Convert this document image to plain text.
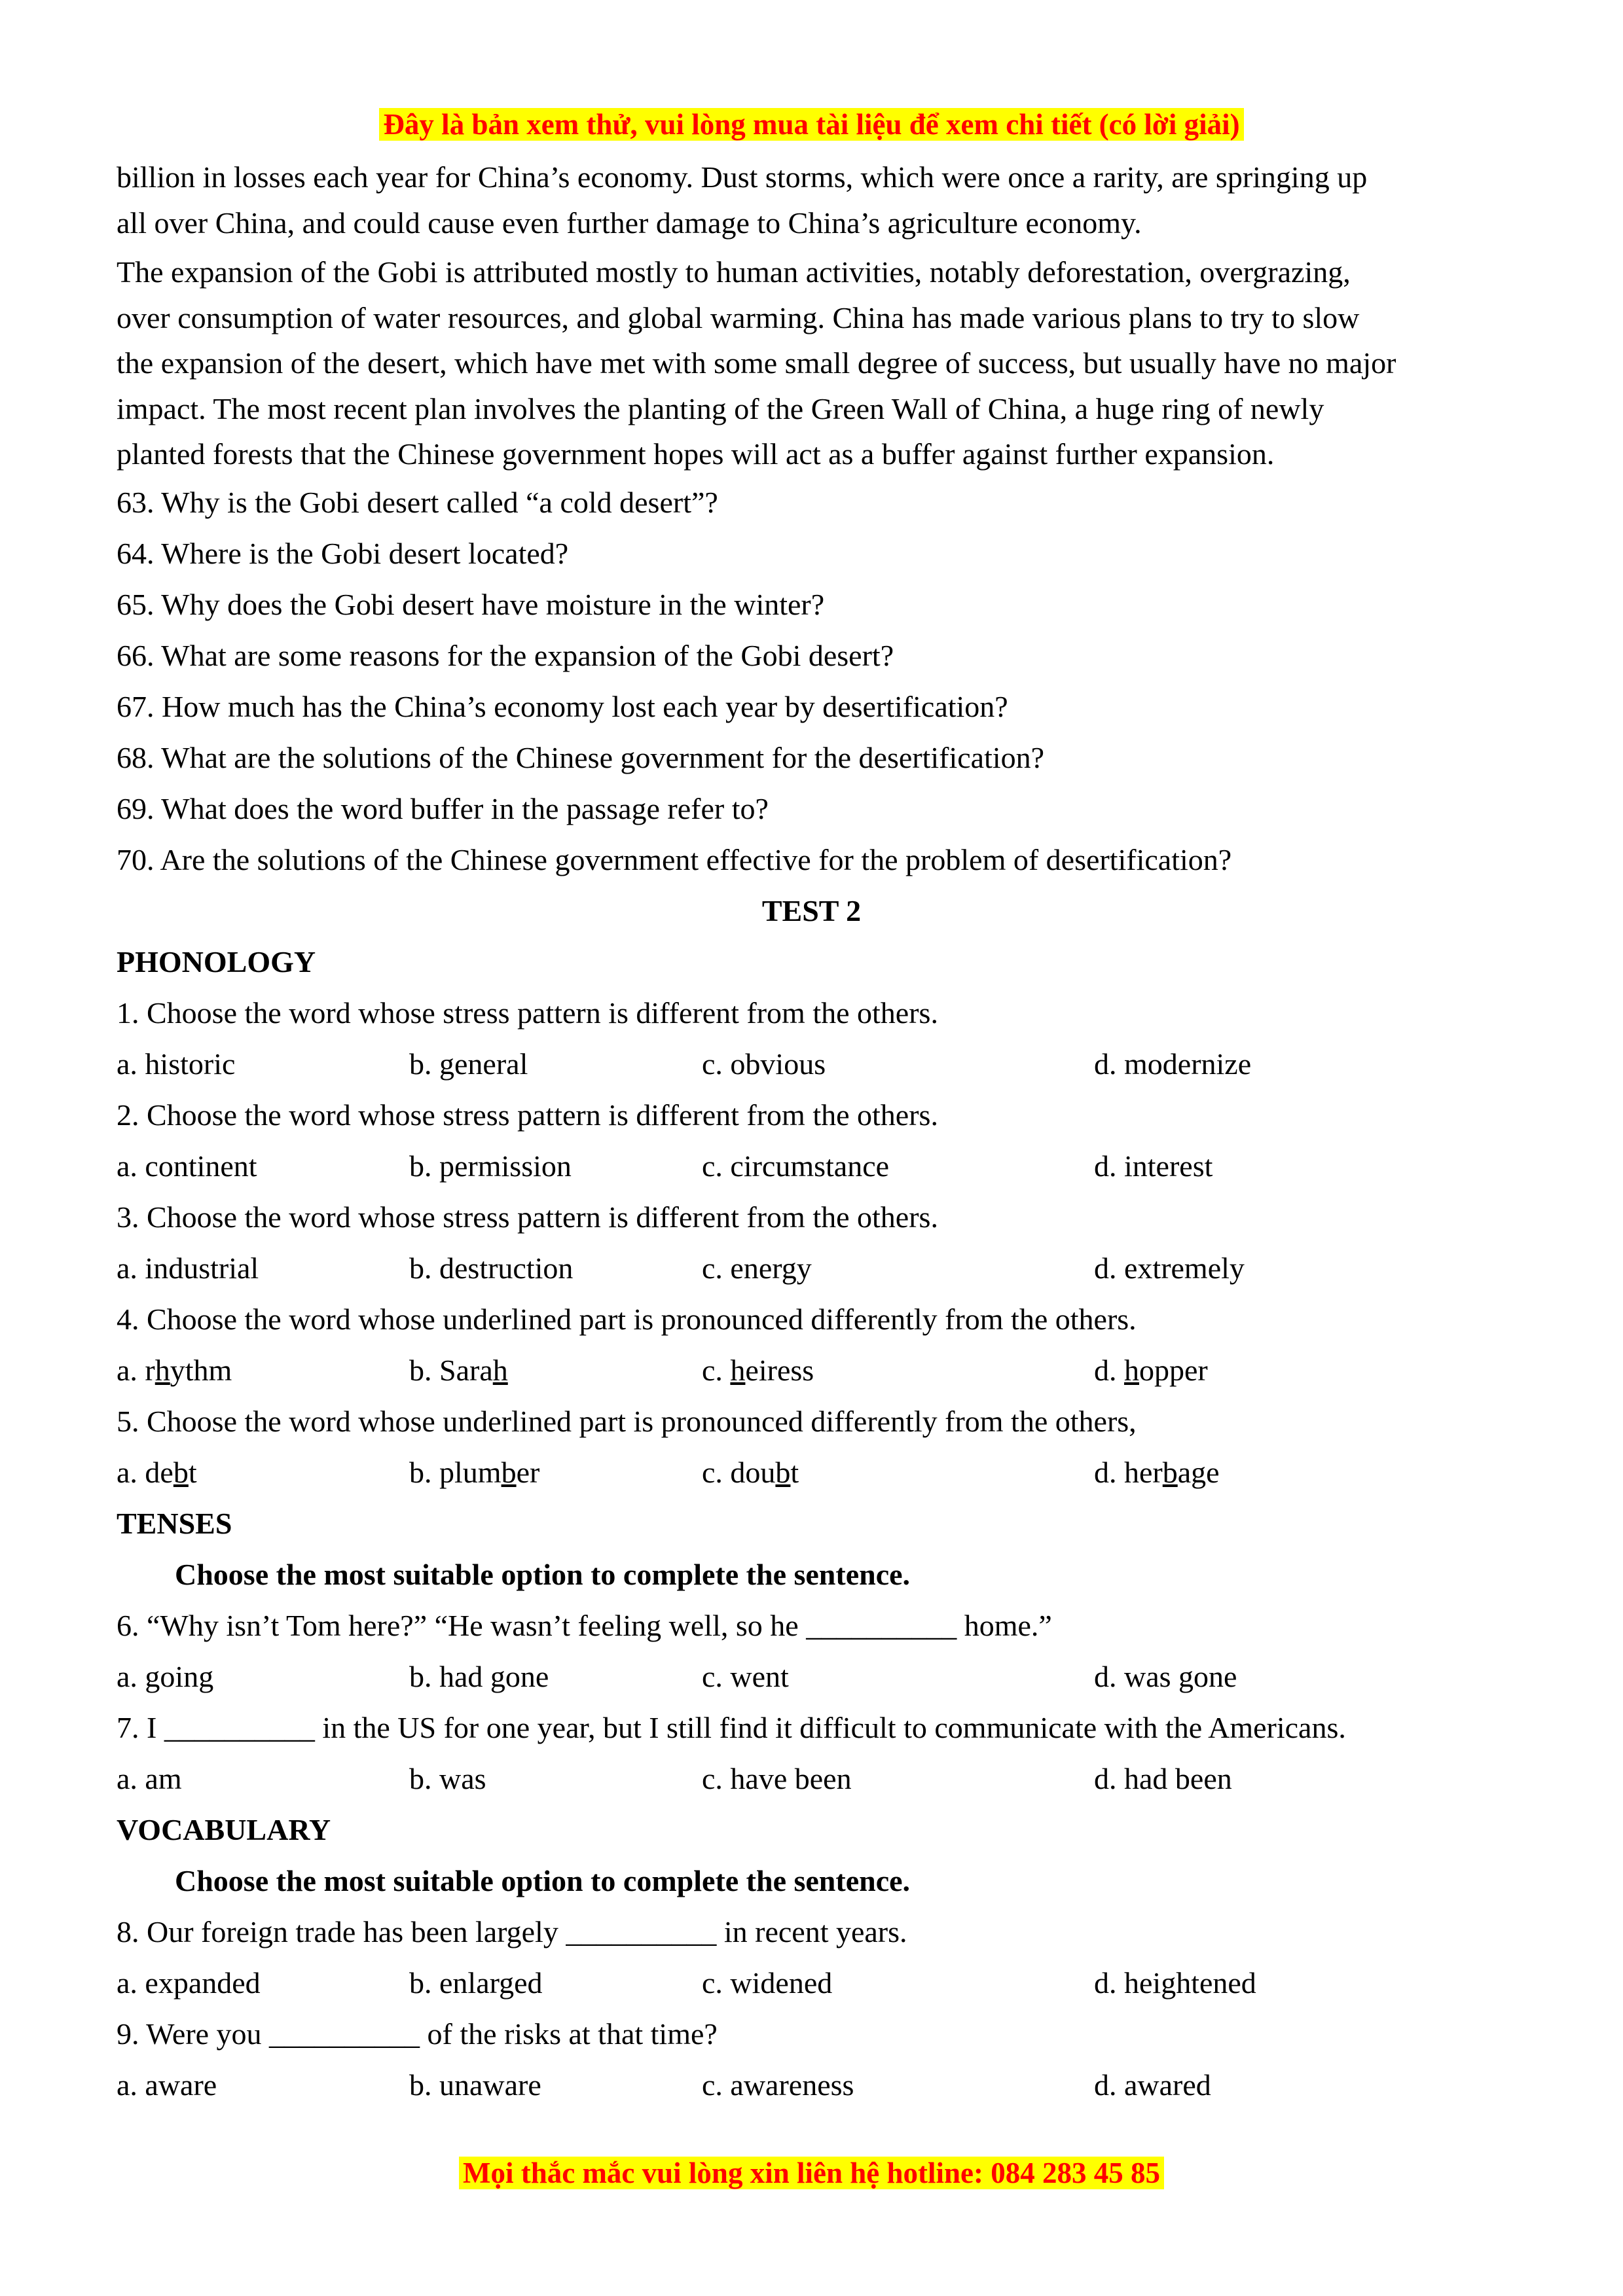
Đây là bản xem thử, vui lòng mua tài liệu để xem chi tiết (có lời giải)
billion in losses each year for China’s economy. Dust storms, which were once a rarity, are springing up
all over China, and could cause even further damage to China’s agriculture economy.
The expansion of the Gobi is attributed mostly to human activities, notably deforestation, overgrazing,
over consumption of water resources, and global warming. China has made various plans to try to slow
the expansion of the desert, which have met with some small degree of success, but usually have no major
impact. The most recent plan involves the planting of the Green Wall of China, a huge ring of newly
planted forests that the Chinese government hopes will act as a buffer against further expansion.
63. Why is the Gobi desert called “a cold desert”?
64. Where is the Gobi desert located?
65. Why does the Gobi desert have moisture in the winter?
66. What are some reasons for the expansion of the Gobi desert?
67. How much has the China’s economy lost each year by desertification?
68. What are the solutions of the Chinese government for the desertification?
69. What does the word buffer in the passage refer to?
70. Are the solutions of the Chinese government effective for the problem of desertification?
TEST 2
PHONOLOGY
1. Choose the word whose stress pattern is different from the others.
a. historic	b. general	c. obvious	d. modernize
2. Choose the word whose stress pattern is different from the others.
a. continent	b. permission	c. circumstance	d. interest
3. Choose the word whose stress pattern is different from the others.
a. industrial	b. destruction	c. energy	d. extremely
4. Choose the word whose underlined part is pronounced differently from the others.
a. rhythm	b. Sarah	c. heiress	d. hopper
5. Choose the word whose underlined part is pronounced differently from the others,
a. debt	b. plumber	c. doubt	d. herbage
TENSES
Choose the most suitable option to complete the sentence.
6. “Why isn’t Tom here?” “He wasn’t feeling well, so he __________ home.”
a. going	b. had gone	c. went	d. was gone
7. I __________ in the US for one year, but I still find it difficult to communicate with the Americans.
a. am	b. was	c. have been	d. had been
VOCABULARY
Choose the most suitable option to complete the sentence.
8. Our foreign trade has been largely __________ in recent years.
a. expanded	b. enlarged	c. widened	d. heightened
9. Were you __________ of the risks at that time?
a. aware	b. unaware	c. awareness	d. awared
Mọi thắc mắc vui lòng xin liên hệ hotline: 084 283 45 85
